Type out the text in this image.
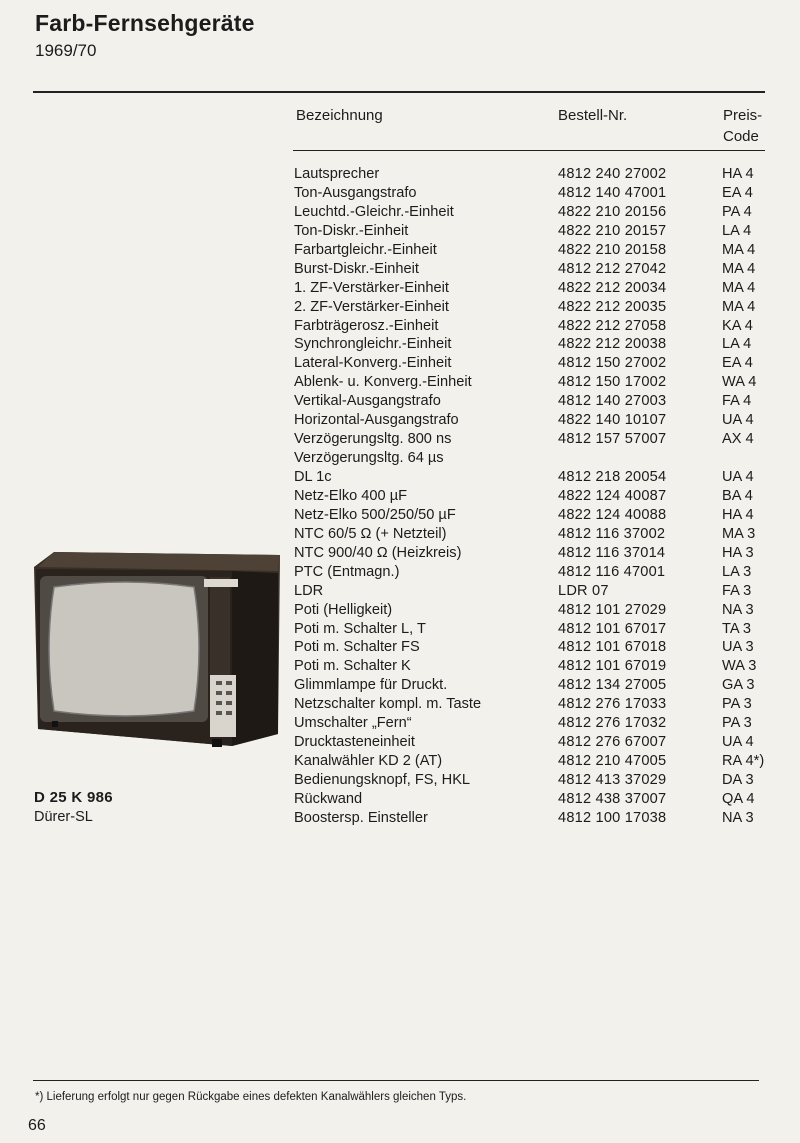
Farb-Fernsehgeräte
1969/70
Bezeichnung	Bestell-Nr.	Preis-
Code
Lautsprecher	4812 240 27002	HA 4
Ton-Ausgangstrafo	4812 140 47001	EA 4
Leuchtd.-Gleichr.-Einheit	4822 210 20156	PA 4
Ton-Diskr.-Einheit	4822 210 20157	LA 4
Farbartgleichr.-Einheit	4822 210 20158	MA 4
Burst-Diskr.-Einheit	4812 212 27042	MA 4
1. ZF-Verstärker-Einheit	4822 212 20034	MA 4
2. ZF-Verstärker-Einheit	4822 212 20035	MA 4
Farbträgerosz.-Einheit	4822 212 27058	KA 4
Synchrongleichr.-Einheit	4822 212 20038	LA 4
Lateral-Konverg.-Einheit	4812 150 27002	EA 4
Ablenk- u. Konverg.-Einheit	4812 150 17002	WA 4
Vertikal-Ausgangstrafo	4812 140 27003	FA 4
Horizontal-Ausgangstrafo	4822 140 10107	UA 4
Verzögerungsltg. 800 ns	4812 157 57007	AX 4
Verzögerungsltg. 64 µs
DL 1c	4812 218 20054	UA 4
Netz-Elko 400 µF	4822 124 40087	BA 4
Netz-Elko 500/250/50 µF	4822 124 40088	HA 4
NTC 60/5 Ω (+ Netzteil)	4812 116 37002	MA 3
NTC 900/40 Ω (Heizkreis)	4812 116 37014	HA 3
PTC (Entmagn.)	4812 116 47001	LA 3
LDR	LDR 07	FA 3
Poti (Helligkeit)	4812 101 27029	NA 3
Poti m. Schalter L, T	4812 101 67017	TA 3
Poti m. Schalter FS	4812 101 67018	UA 3
Poti m. Schalter K	4812 101 67019	WA 3
Glimmlampe für Druckt.	4812 134 27005	GA 3
Netzschalter kompl. m. Taste	4812 276 17033	PA 3
Umschalter „Fern“	4812 276 17032	PA 3
Drucktasteneinheit	4812 276 67007	UA 4
Kanalwähler KD 2 (AT)	4812 210 47005	RA 4*)
Bedienungsknopf, FS, HKL	4812 413 37029	DA 3
Rückwand	4812 438 37007	QA 4
Boostersp. Einsteller	4812 100 17038	NA 3
D 25 K 986
Dürer-SL
*) Lieferung erfolgt nur gegen Rückgabe eines defekten Kanalwählers gleichen Typs.
66
